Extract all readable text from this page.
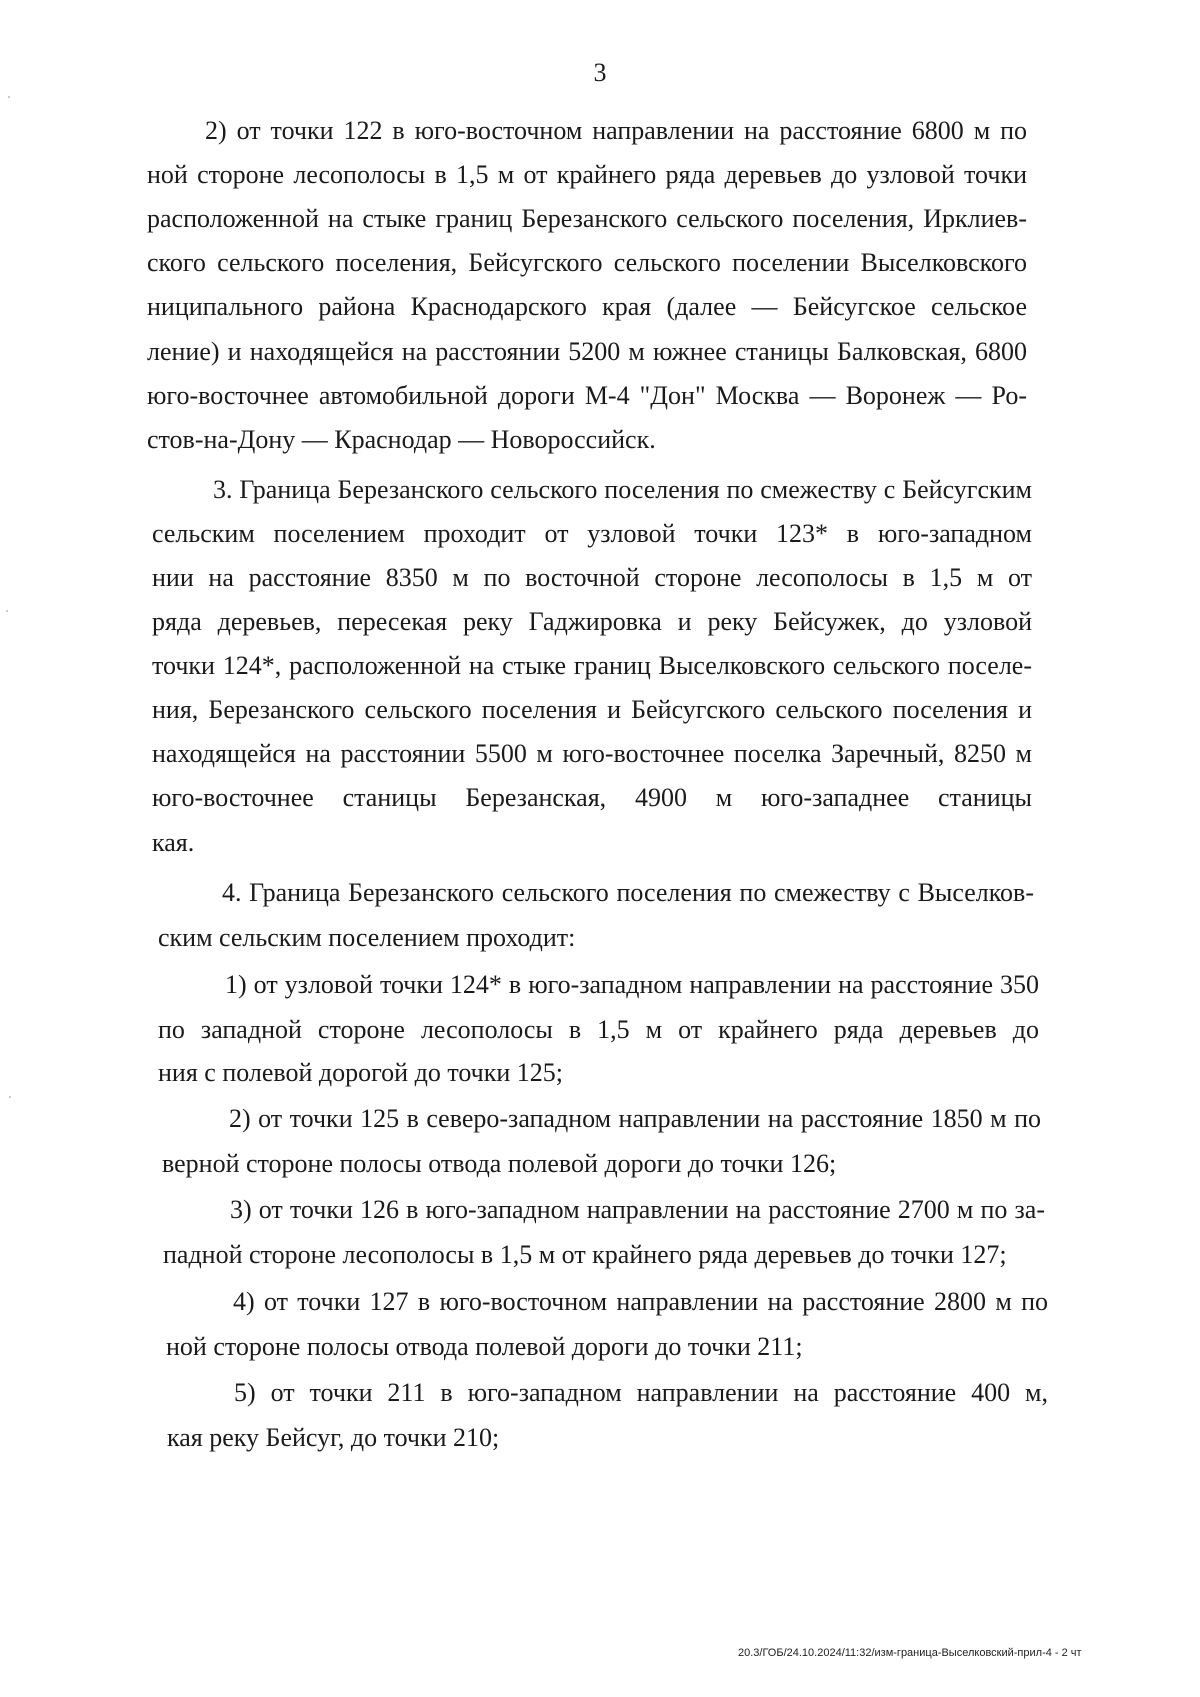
3
2) от точки 122 в юго-восточном направлении на расстояние 6800 м по
ной стороне лесополосы в 1,5 м от крайнего ряда деревьев до узловой точки
расположенной на стыке границ Березанского сельского поселения, Ирклиев-
ского сельского поселения, Бейсугского сельского поселении Выселковского
ниципального района Краснодарского края (далее — Бейсугское сельское
ление) и находящейся на расстоянии 5200 м южнее станицы Балковская, 6800
юго-восточнее автомобильной дороги М-4 "Дон" Москва — Воронеж — Ро-
стов-на-Дону — Краснодар — Новороссийск.
3. Граница Березанского сельского поселения по смежеству с Бейсугским
сельским поселением проходит от узловой точки 123* в юго-западном
нии на расстояние 8350 м по восточной стороне лесополосы в 1,5 м от
ряда деревьев, пересекая реку Гаджировка и реку Бейсужек, до узловой
точки 124*, расположенной на стыке границ Выселковского сельского поселе-
ния, Березанского сельского поселения и Бейсугского сельского поселения и
находящейся на расстоянии 5500 м юго-восточнее поселка Заречный, 8250 м
юго-восточнее станицы Березанская, 4900 м юго-западнее станицы
кая.
4. Граница Березанского сельского поселения по смежеству с Выселков-
ским сельским поселением проходит:
1) от узловой точки 124* в юго-западном направлении на расстояние 350
по западной стороне лесополосы в 1,5 м от крайнего ряда деревьев до
ния с полевой дорогой до точки 125;
2) от точки 125 в северо-западном направлении на расстояние 1850 м по
верной стороне полосы отвода полевой дороги до точки 126;
3) от точки 126 в юго-западном направлении на расстояние 2700 м по за-
падной стороне лесополосы в 1,5 м от крайнего ряда деревьев до точки 127;
4) от точки 127 в юго-восточном направлении на расстояние 2800 м по
ной стороне полосы отвода полевой дороги до точки 211;
5) от точки 211 в юго-западном направлении на расстояние 400 м,
кая реку Бейсуг, до точки 210;
20.3/ГОБ/24.10.2024/11:32/изм-граница-Выселковский-прил-4 - 2 чт
